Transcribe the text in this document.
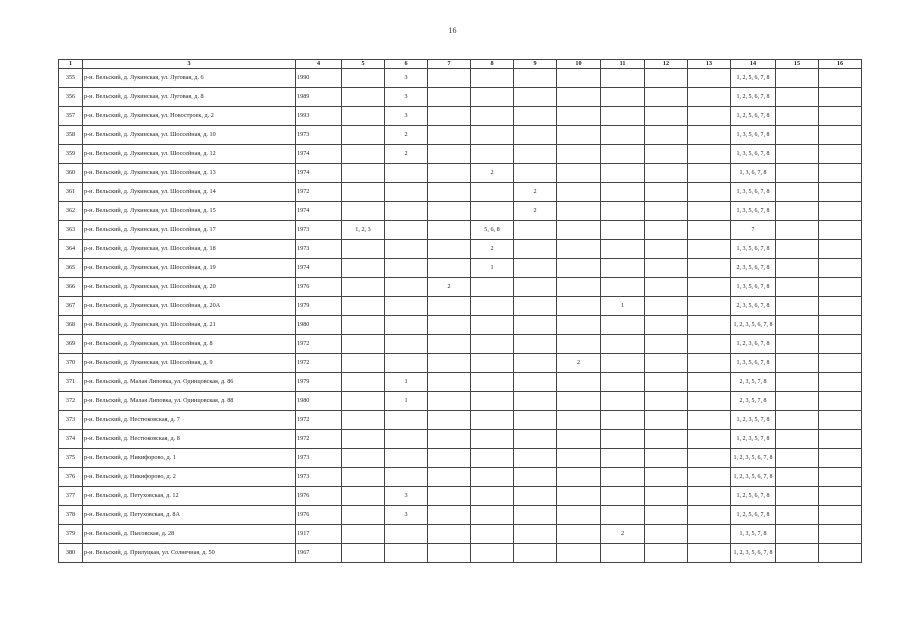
16
1	3	4	5	6	7	8	9	10	11	12	13	14	15	16
355	р-н. Вельский, д. Лукинская, ул. Луговая, д. 6	1990		3								1, 2, 5, 6, 7, 8		
356	р-н. Вельский, д. Лукинская, ул. Луговая, д. 8	1989		3								1, 2, 5, 6, 7, 8		
357	р-н. Вельский, д. Лукинская, ул. Новостроек, д. 2	1993		3								1, 2, 5, 6, 7, 8		
358	р-н. Вельский, д. Лукинская, ул. Шоссейная, д. 10	1973		2								1, 3, 5, 6, 7, 8		
359	р-н. Вельский, д. Лукинская, ул. Шоссейная, д. 12	1974		2								1, 3, 5, 6, 7, 8		
360	р-н. Вельский, д. Лукинская, ул. Шоссейная, д. 13	1974				2						1, 3, 6, 7, 8		
361	р-н. Вельский, д. Лукинская, ул. Шоссейная, д. 14	1972					2					1, 3, 5, 6, 7, 8		
362	р-н. Вельский, д. Лукинская, ул. Шоссейная, д. 15	1974					2					1, 3, 5, 6, 7, 8		
363	р-н. Вельский, д. Лукинская, ул. Шоссейная, д. 17	1973	1, 2, 3			5, 6, 8						7		
364	р-н. Вельский, д. Лукинская, ул. Шоссейная, д. 18	1973				2						1, 3, 5, 6, 7, 8		
365	р-н. Вельский, д. Лукинская, ул. Шоссейная, д. 19	1974				1						2, 3, 5, 6, 7, 8		
366	р-н. Вельский, д. Лукинская, ул. Шоссейная, д. 20	1976			2							1, 3, 5, 6, 7, 8		
367	р-н. Вельский, д. Лукинская, ул. Шоссейная, д. 20А	1979							1			2, 3, 5, 6, 7, 8		
368	р-н. Вельский, д. Лукинская, ул. Шоссейная, д. 21	1980										1, 2, 3, 5, 6, 7, 8		
369	р-н. Вельский, д. Лукинская, ул. Шоссейная, д. 8	1972										1, 2, 3, 6, 7, 8		
370	р-н. Вельский, д. Лукинская, ул. Шоссейная, д. 9	1972						2				1, 3, 5, 6, 7, 8		
371	р-н. Вельский, д. Малая Липовка, ул. Одинцовская, д. 86	1979		1								2, 3, 5, 7, 8		
372	р-н. Вельский, д. Малая Липовка, ул. Одинцовская, д. 88	1980		1								2, 3, 5, 7, 8		
373	р-н. Вельский, д. Нестюковская, д. 7	1972										1, 2, 3, 5, 7, 8		
374	р-н. Вельский, д. Нестюковская, д. 8	1972										1, 2, 3, 5, 7, 8		
375	р-н. Вельский, д. Никифорово, д. 1	1973										1, 2, 3, 5, 6, 7, 8		
376	р-н. Вельский, д. Никифорово, д. 2	1973										1, 2, 3, 5, 6, 7, 8		
377	р-н. Вельский, д. Петуховская, д. 12	1976		3								1, 2, 5, 6, 7, 8		
378	р-н. Вельский, д. Петуховская, д. 8А	1976		3								1, 2, 5, 6, 7, 8		
379	р-н. Вельский, д. Пысовская, д. 28	1917							2			1, 3, 5, 7, 8		
380	р-н. Вельский, д. Прилуцкая, ул. Солнечная, д. 50	1967										1, 2, 3, 5, 6, 7, 8		
